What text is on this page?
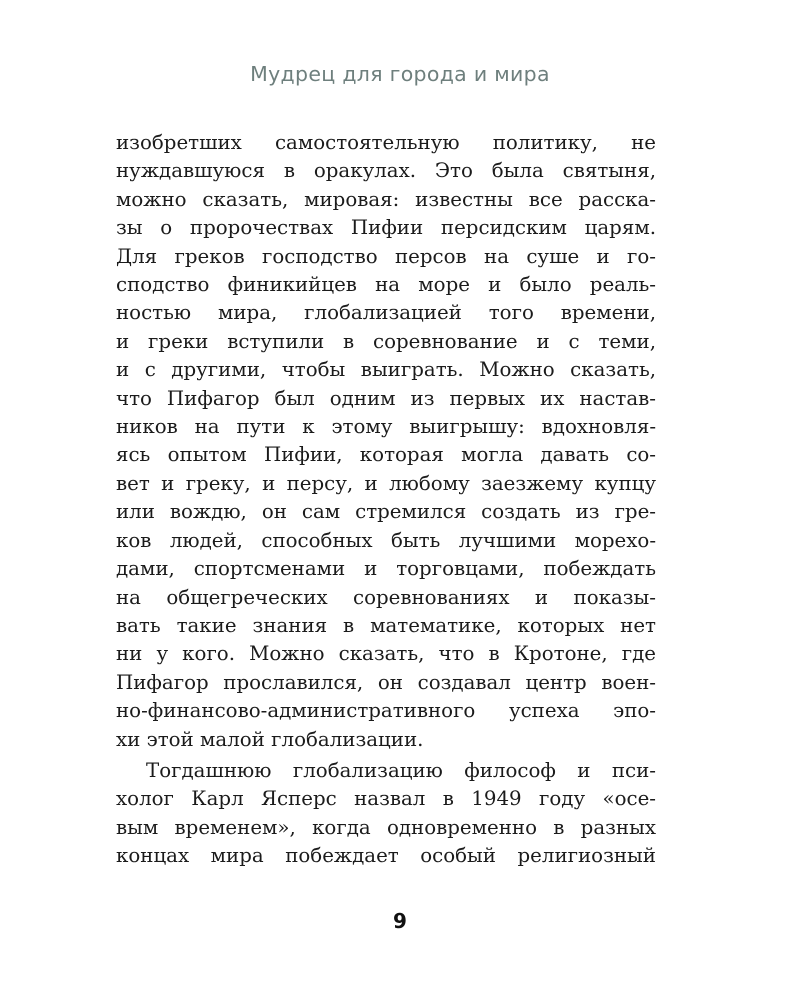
Мудрец для города и мира
изобретших самостоятельную политику, не
нуждавшуюся в оракулах. Это была святыня,
можно сказать, мировая: известны все расска-
зы о пророчествах Пифии персидским царям.
Для греков господство персов на суше и го-
сподство финикийцев на море и было реаль-
ностью мира, глобализацией того времени,
и греки вступили в соревнование и с теми,
и с другими, чтобы выиграть. Можно сказать,
что Пифагор был одним из первых их настав-
ников на пути к этому выигрышу: вдохновля-
ясь опытом Пифии, которая могла давать со-
вет и греку, и персу, и любому заезжему купцу
или вождю, он сам стремился создать из гре-
ков людей, способных быть лучшими морехо-
дами, спортсменами и торговцами, побеждать
на общегреческих соревнованиях и показы-
вать такие знания в математике, которых нет
ни у кого. Можно сказать, что в Кротоне, где
Пифагор прославился, он создавал центр воен-
но-финансово-административного успеха эпо-
хи этой малой глобализации.
Тогдашнюю глобализацию философ и пси-
холог Карл Ясперс назвал в 1949 году «осе-
вым временем», когда одновременно в разных
концах мира побеждает особый религиозный
9
